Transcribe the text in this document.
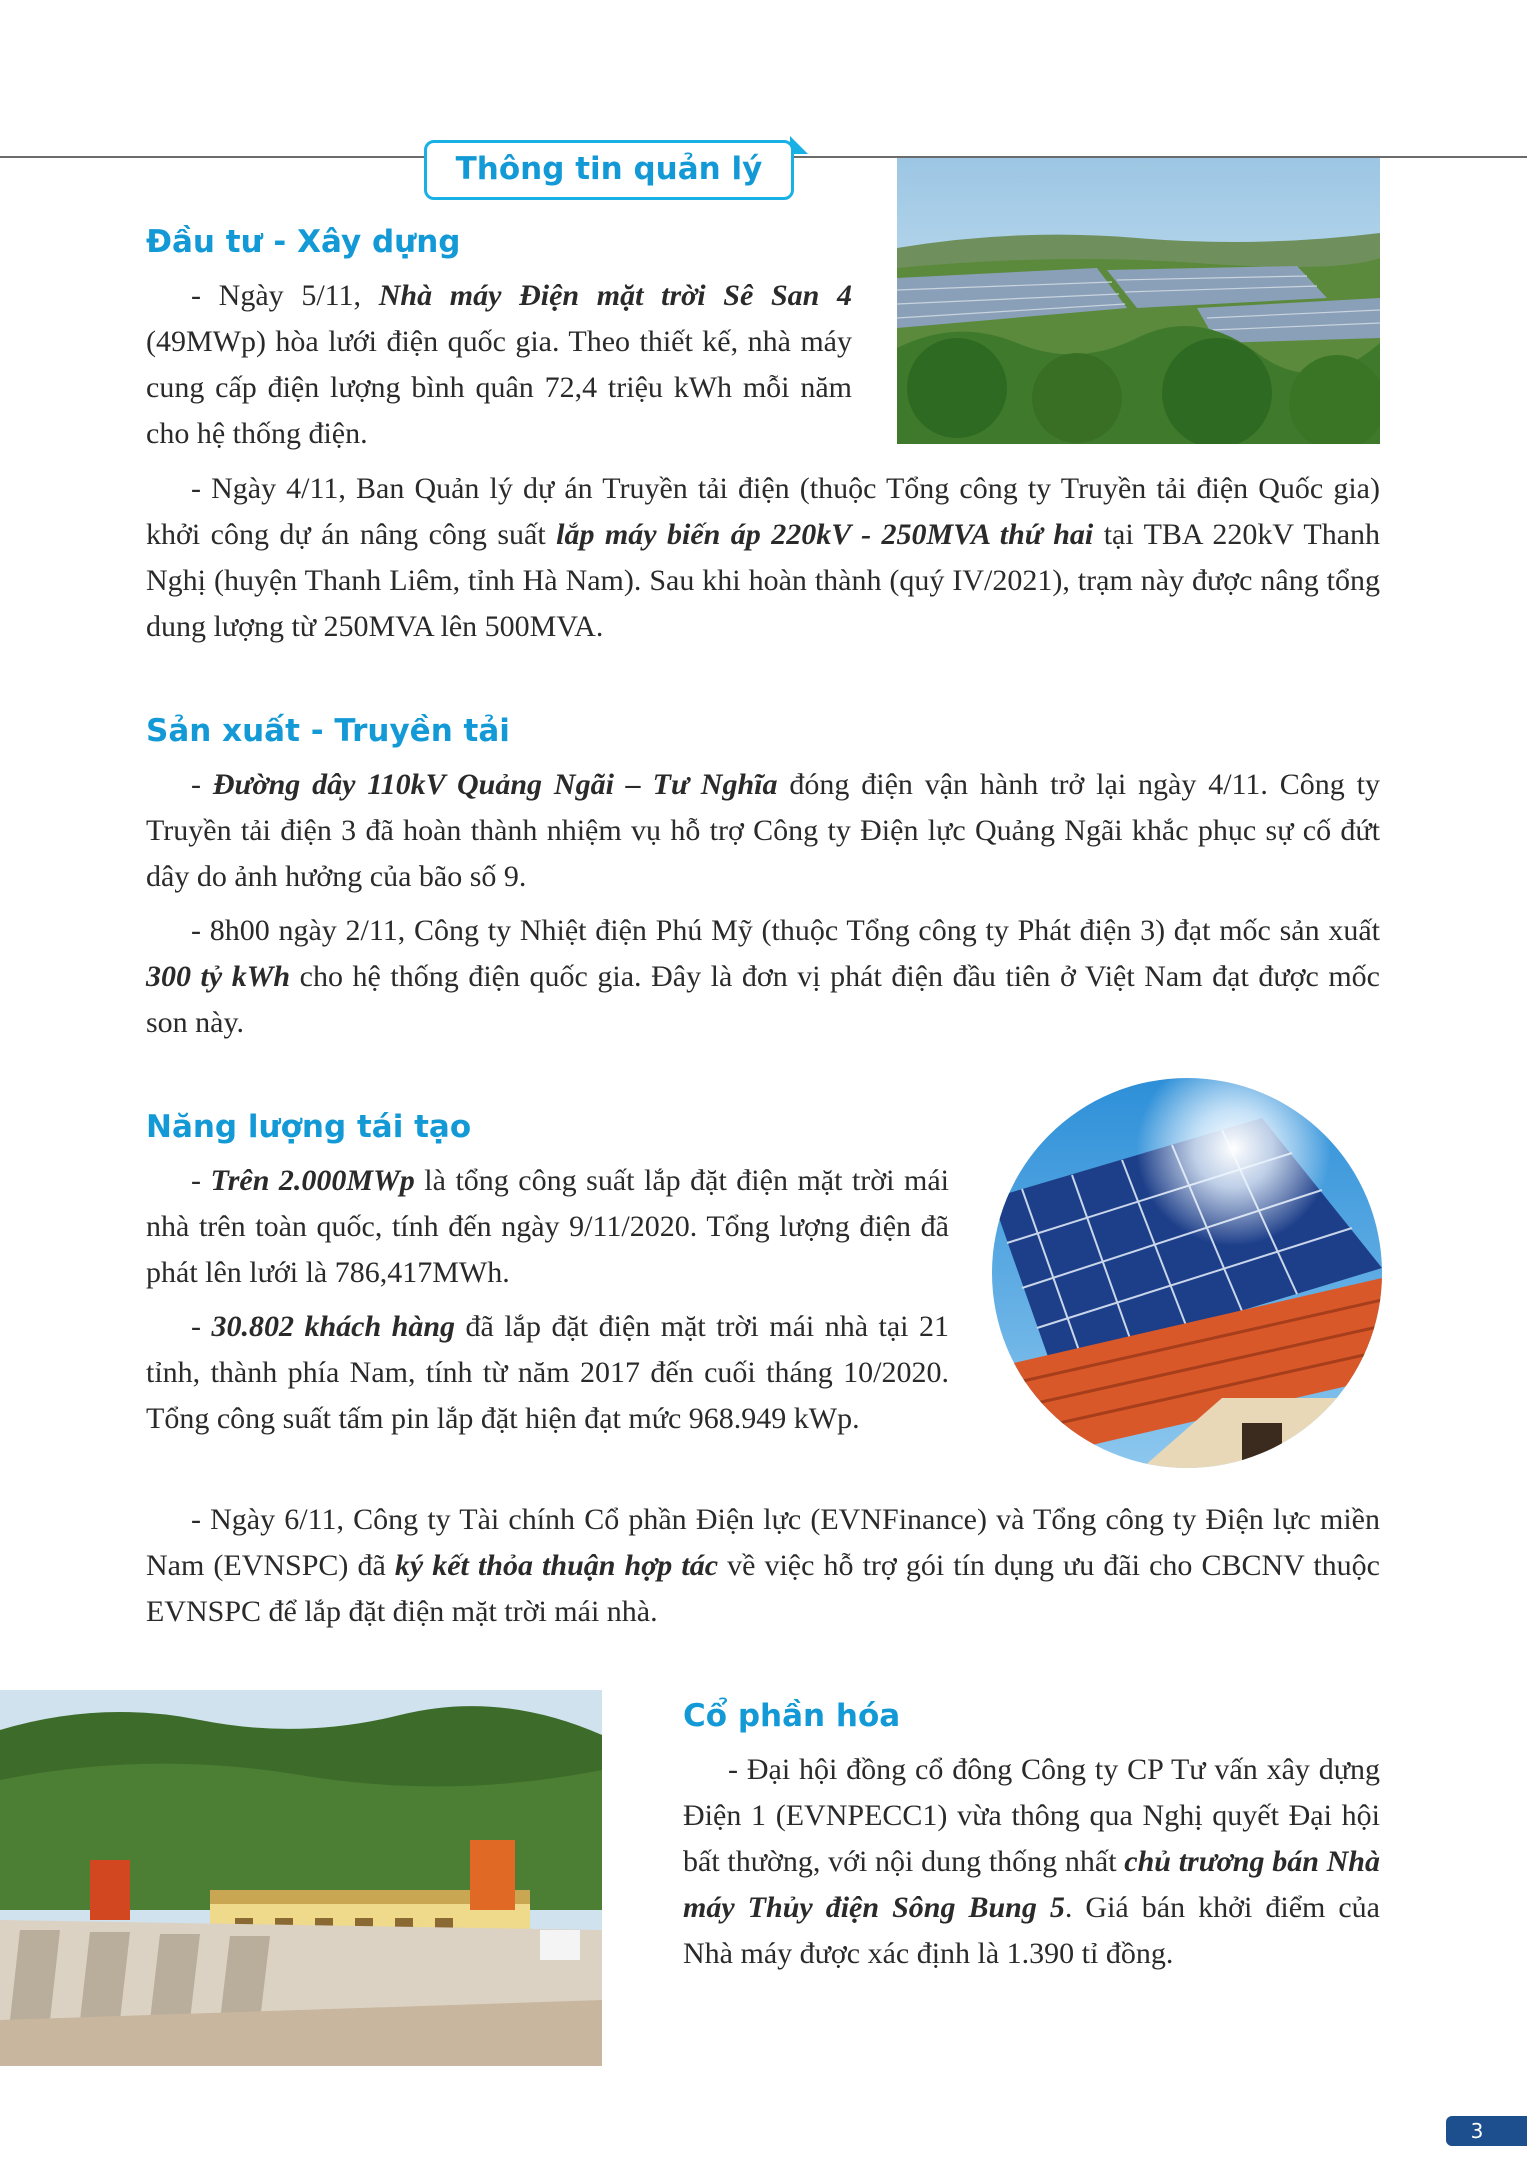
Thông tin quản lý
Đầu tư - Xây dựng

- Ngày 5/11, Nhà máy Điện mặt trời Sê San 4 (49MWp) hòa lưới điện quốc gia. Theo thiết kế, nhà máy cung cấp điện lượng bình quân 72,4 triệu kWh mỗi năm cho hệ thống điện.

- Ngày 4/11, Ban Quản lý dự án Truyền tải điện (thuộc Tổng công ty Truyền tải điện Quốc gia) khởi công dự án nâng công suất lắp máy biến áp 220kV - 250MVA thứ hai tại TBA 220kV Thanh Nghị (huyện Thanh Liêm, tỉnh Hà Nam). Sau khi hoàn thành (quý IV/2021), trạm này được nâng tổng dung lượng từ 250MVA lên 500MVA.

Sản xuất - Truyền tải

- Đường dây 110kV Quảng Ngãi – Tư Nghĩa đóng điện vận hành trở lại ngày 4/11. Công ty Truyền tải điện 3 đã hoàn thành nhiệm vụ hỗ trợ Công ty Điện lực Quảng Ngãi khắc phục sự cố đứt dây do ảnh hưởng của bão số 9.

- 8h00 ngày 2/11, Công ty Nhiệt điện Phú Mỹ (thuộc Tổng công ty Phát điện 3) đạt mốc sản xuất 300 tỷ kWh cho hệ thống điện quốc gia. Đây là đơn vị phát điện đầu tiên ở Việt Nam đạt được mốc son này.

Năng lượng tái tạo

- Trên 2.000MWp là tổng công suất lắp đặt điện mặt trời mái nhà trên toàn quốc, tính đến ngày 9/11/2020. Tổng lượng điện đã phát lên lưới là 786,417MWh.

- 30.802 khách hàng đã lắp đặt điện mặt trời mái nhà tại 21 tỉnh, thành phía Nam, tính từ năm 2017 đến cuối tháng 10/2020. Tổng công suất tấm pin lắp đặt hiện đạt mức 968.949 kWp.

- Ngày 6/11, Công ty Tài chính Cổ phần Điện lực (EVNFinance) và Tổng công ty Điện lực miền Nam (EVNSPC) đã ký kết thỏa thuận hợp tác về việc hỗ trợ gói tín dụng ưu đãi cho CBCNV thuộc EVNSPC để lắp đặt điện mặt trời mái nhà.

Cổ phần hóa

- Đại hội đồng cổ đông Công ty CP Tư vấn xây dựng Điện 1 (EVNPECC1) vừa thông qua Nghị quyết Đại hội bất thường, với nội dung thống nhất chủ trương bán Nhà máy Thủy điện Sông Bung 5. Giá bán khởi điểm của Nhà máy được xác định là 1.390 tỉ đồng.

3
